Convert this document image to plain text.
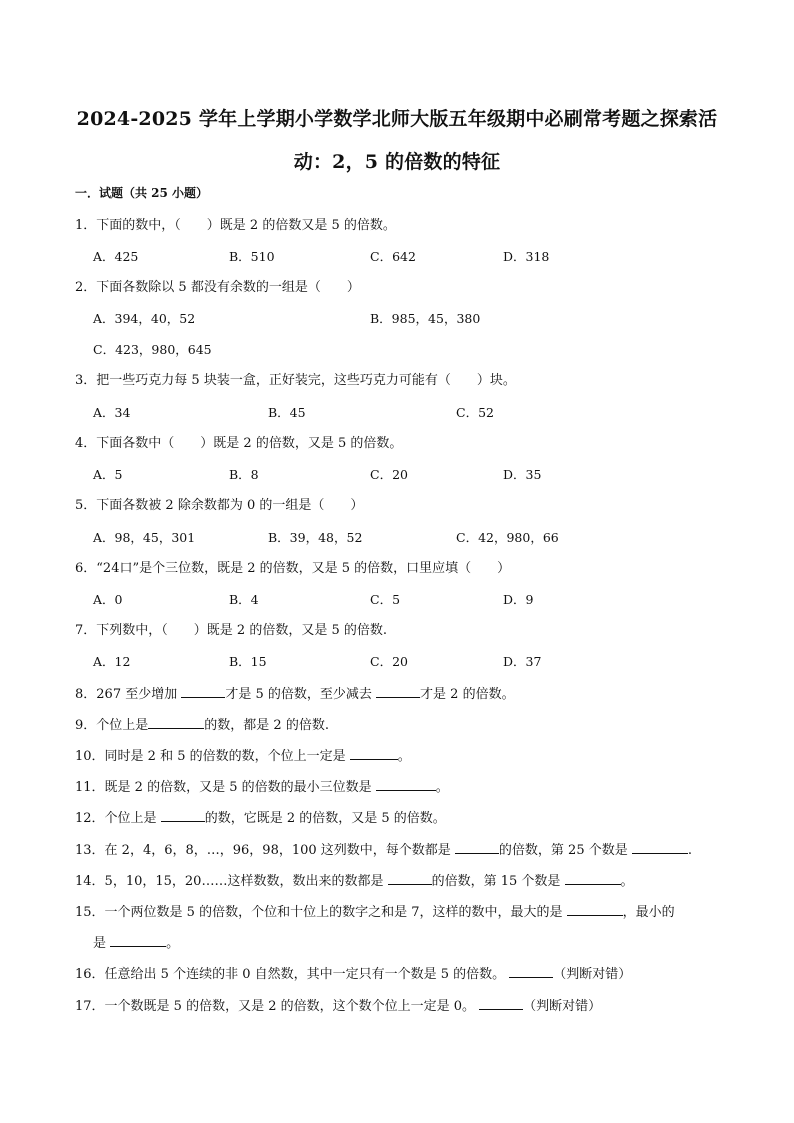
2024-2025 学年上学期小学数学北师大版五年级期中必刷常考题之探索活
动：2，5 的倍数的特征
一．试题（共 25 小题）
1．下面的数中，（　　）既是 2 的倍数又是 5 的倍数。
A．425	B．510	C．642	D．318
2．下面各数除以 5 都没有余数的一组是（　　）
A．394，40，52	B．985，45，380
C．423，980，645
3．把一些巧克力每 5 块装一盒，正好装完，这些巧克力可能有（　　）块。
A．34	B．45	C．52
4．下面各数中（　　）既是 2 的倍数，又是 5 的倍数。
A．5	B．8	C．20	D．35
5．下面各数被 2 除余数都为 0 的一组是（　　）
A．98，45，301	B．39，48，52	C．42，980，66
6．“24口”是个三位数，既是 2 的倍数，又是 5 的倍数，口里应填（　　）
A．0	B．4	C．5	D．9
7．下列数中，（　　）既是 2 的倍数，又是 5 的倍数.
A．12	B．15	C．20	D．37
8．267 至少增加	才是 5 的倍数，至少减去	才是 2 的倍数。
9．个位上是	的数，都是 2 的倍数.
10．同时是 2 和 5 的倍数的数，个位上一定是	。
11．既是 2 的倍数，又是 5 的倍数的最小三位数是	。
12．个位上是	的数，它既是 2 的倍数，又是 5 的倍数。
13．在 2，4，6，8，…，96，98，100 这列数中，每个数都是	的倍数，第 25 个数是	.
14．5，10，15，20……这样数数，数出来的数都是	的倍数，第 15 个数是	。
15．一个两位数是 5 的倍数，个位和十位上的数字之和是 7，这样的数中，最大的是	，最小的
是	。
16．任意给出 5 个连续的非 0 自然数，其中一定只有一个数是 5 的倍数。	（判断对错）
17．一个数既是 5 的倍数，又是 2 的倍数，这个数个位上一定是 0。	（判断对错）
